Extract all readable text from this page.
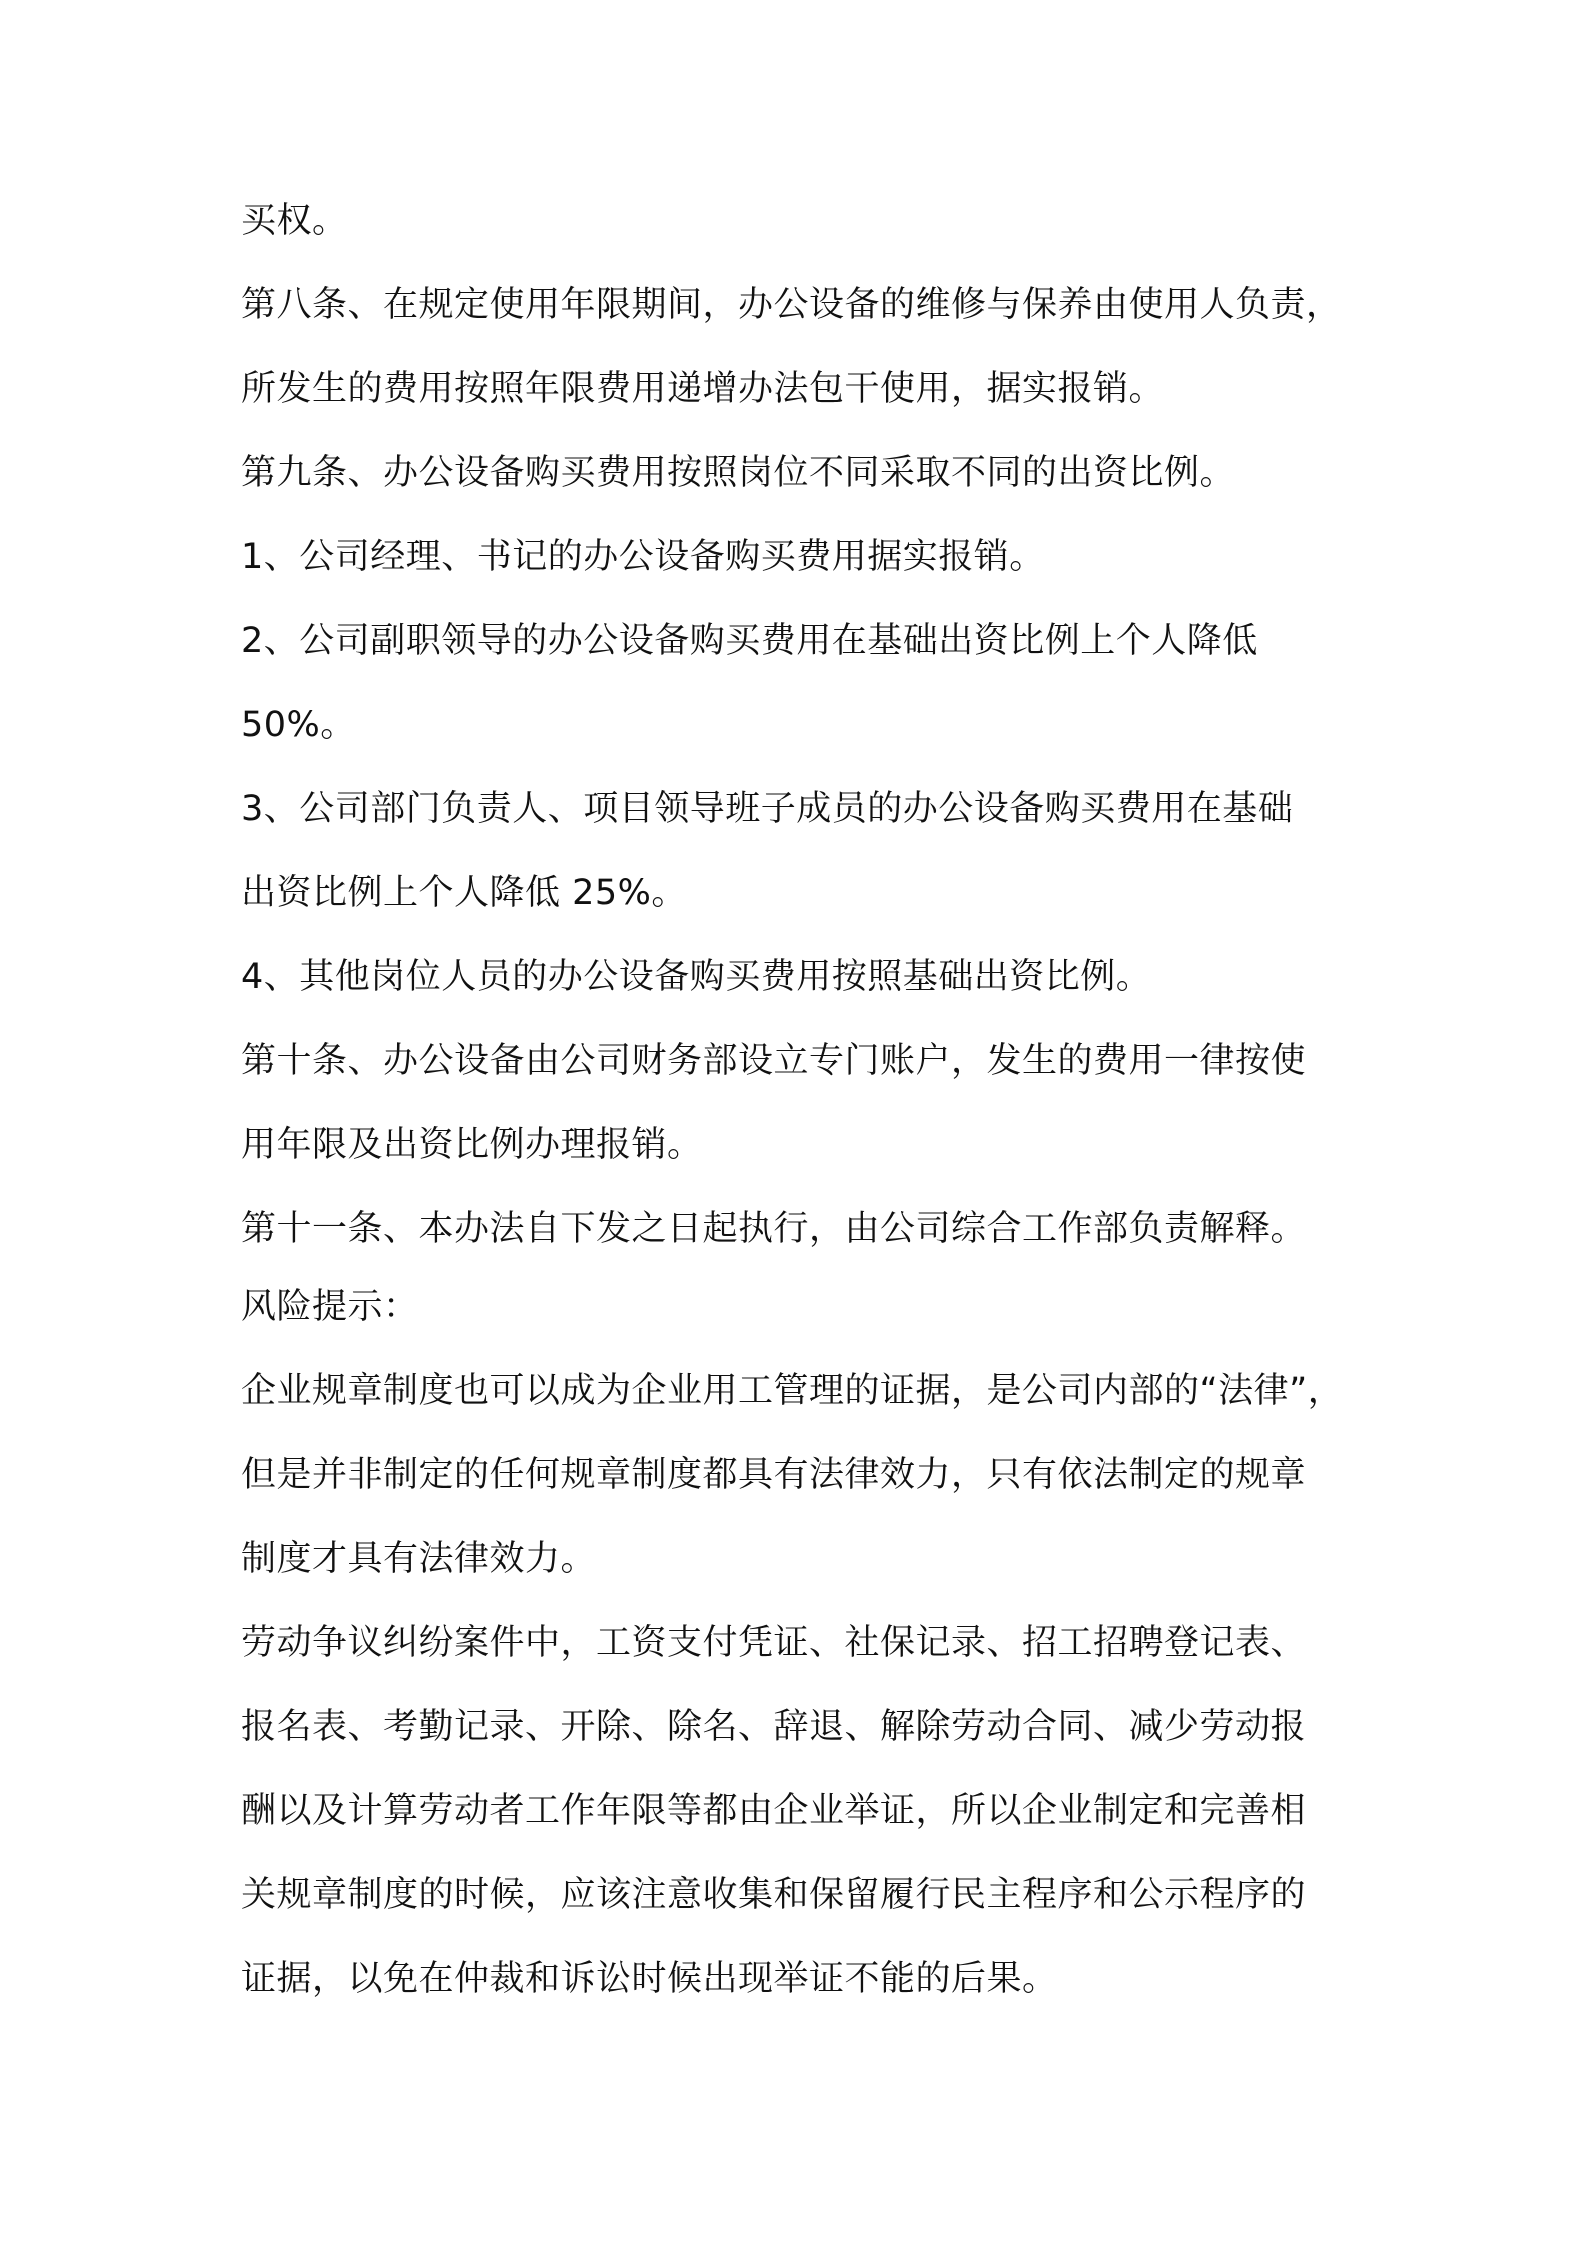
买权。
第八条、在规定使用年限期间，办公设备的维修与保养由使用人负责，
所发生的费用按照年限费用递增办法包干使用，据实报销。
第九条、办公设备购买费用按照岗位不同采取不同的出资比例。
1、公司经理、书记的办公设备购买费用据实报销。
2、公司副职领导的办公设备购买费用在基础出资比例上个人降低
50%。
3、公司部门负责人、项目领导班子成员的办公设备购买费用在基础
出资比例上个人降低 25%。
4、其他岗位人员的办公设备购买费用按照基础出资比例。
第十条、办公设备由公司财务部设立专门账户，发生的费用一律按使
用年限及出资比例办理报销。
第十一条、本办法自下发之日起执行，由公司综合工作部负责解释。
风险提示：
企业规章制度也可以成为企业用工管理的证据，是公司内部的“法律”，
但是并非制定的任何规章制度都具有法律效力，只有依法制定的规章
制度才具有法律效力。
劳动争议纠纷案件中，工资支付凭证、社保记录、招工招聘登记表、
报名表、考勤记录、开除、除名、辞退、解除劳动合同、减少劳动报
酬以及计算劳动者工作年限等都由企业举证，所以企业制定和完善相
关规章制度的时候，应该注意收集和保留履行民主程序和公示程序的
证据，以免在仲裁和诉讼时候出现举证不能的后果。
